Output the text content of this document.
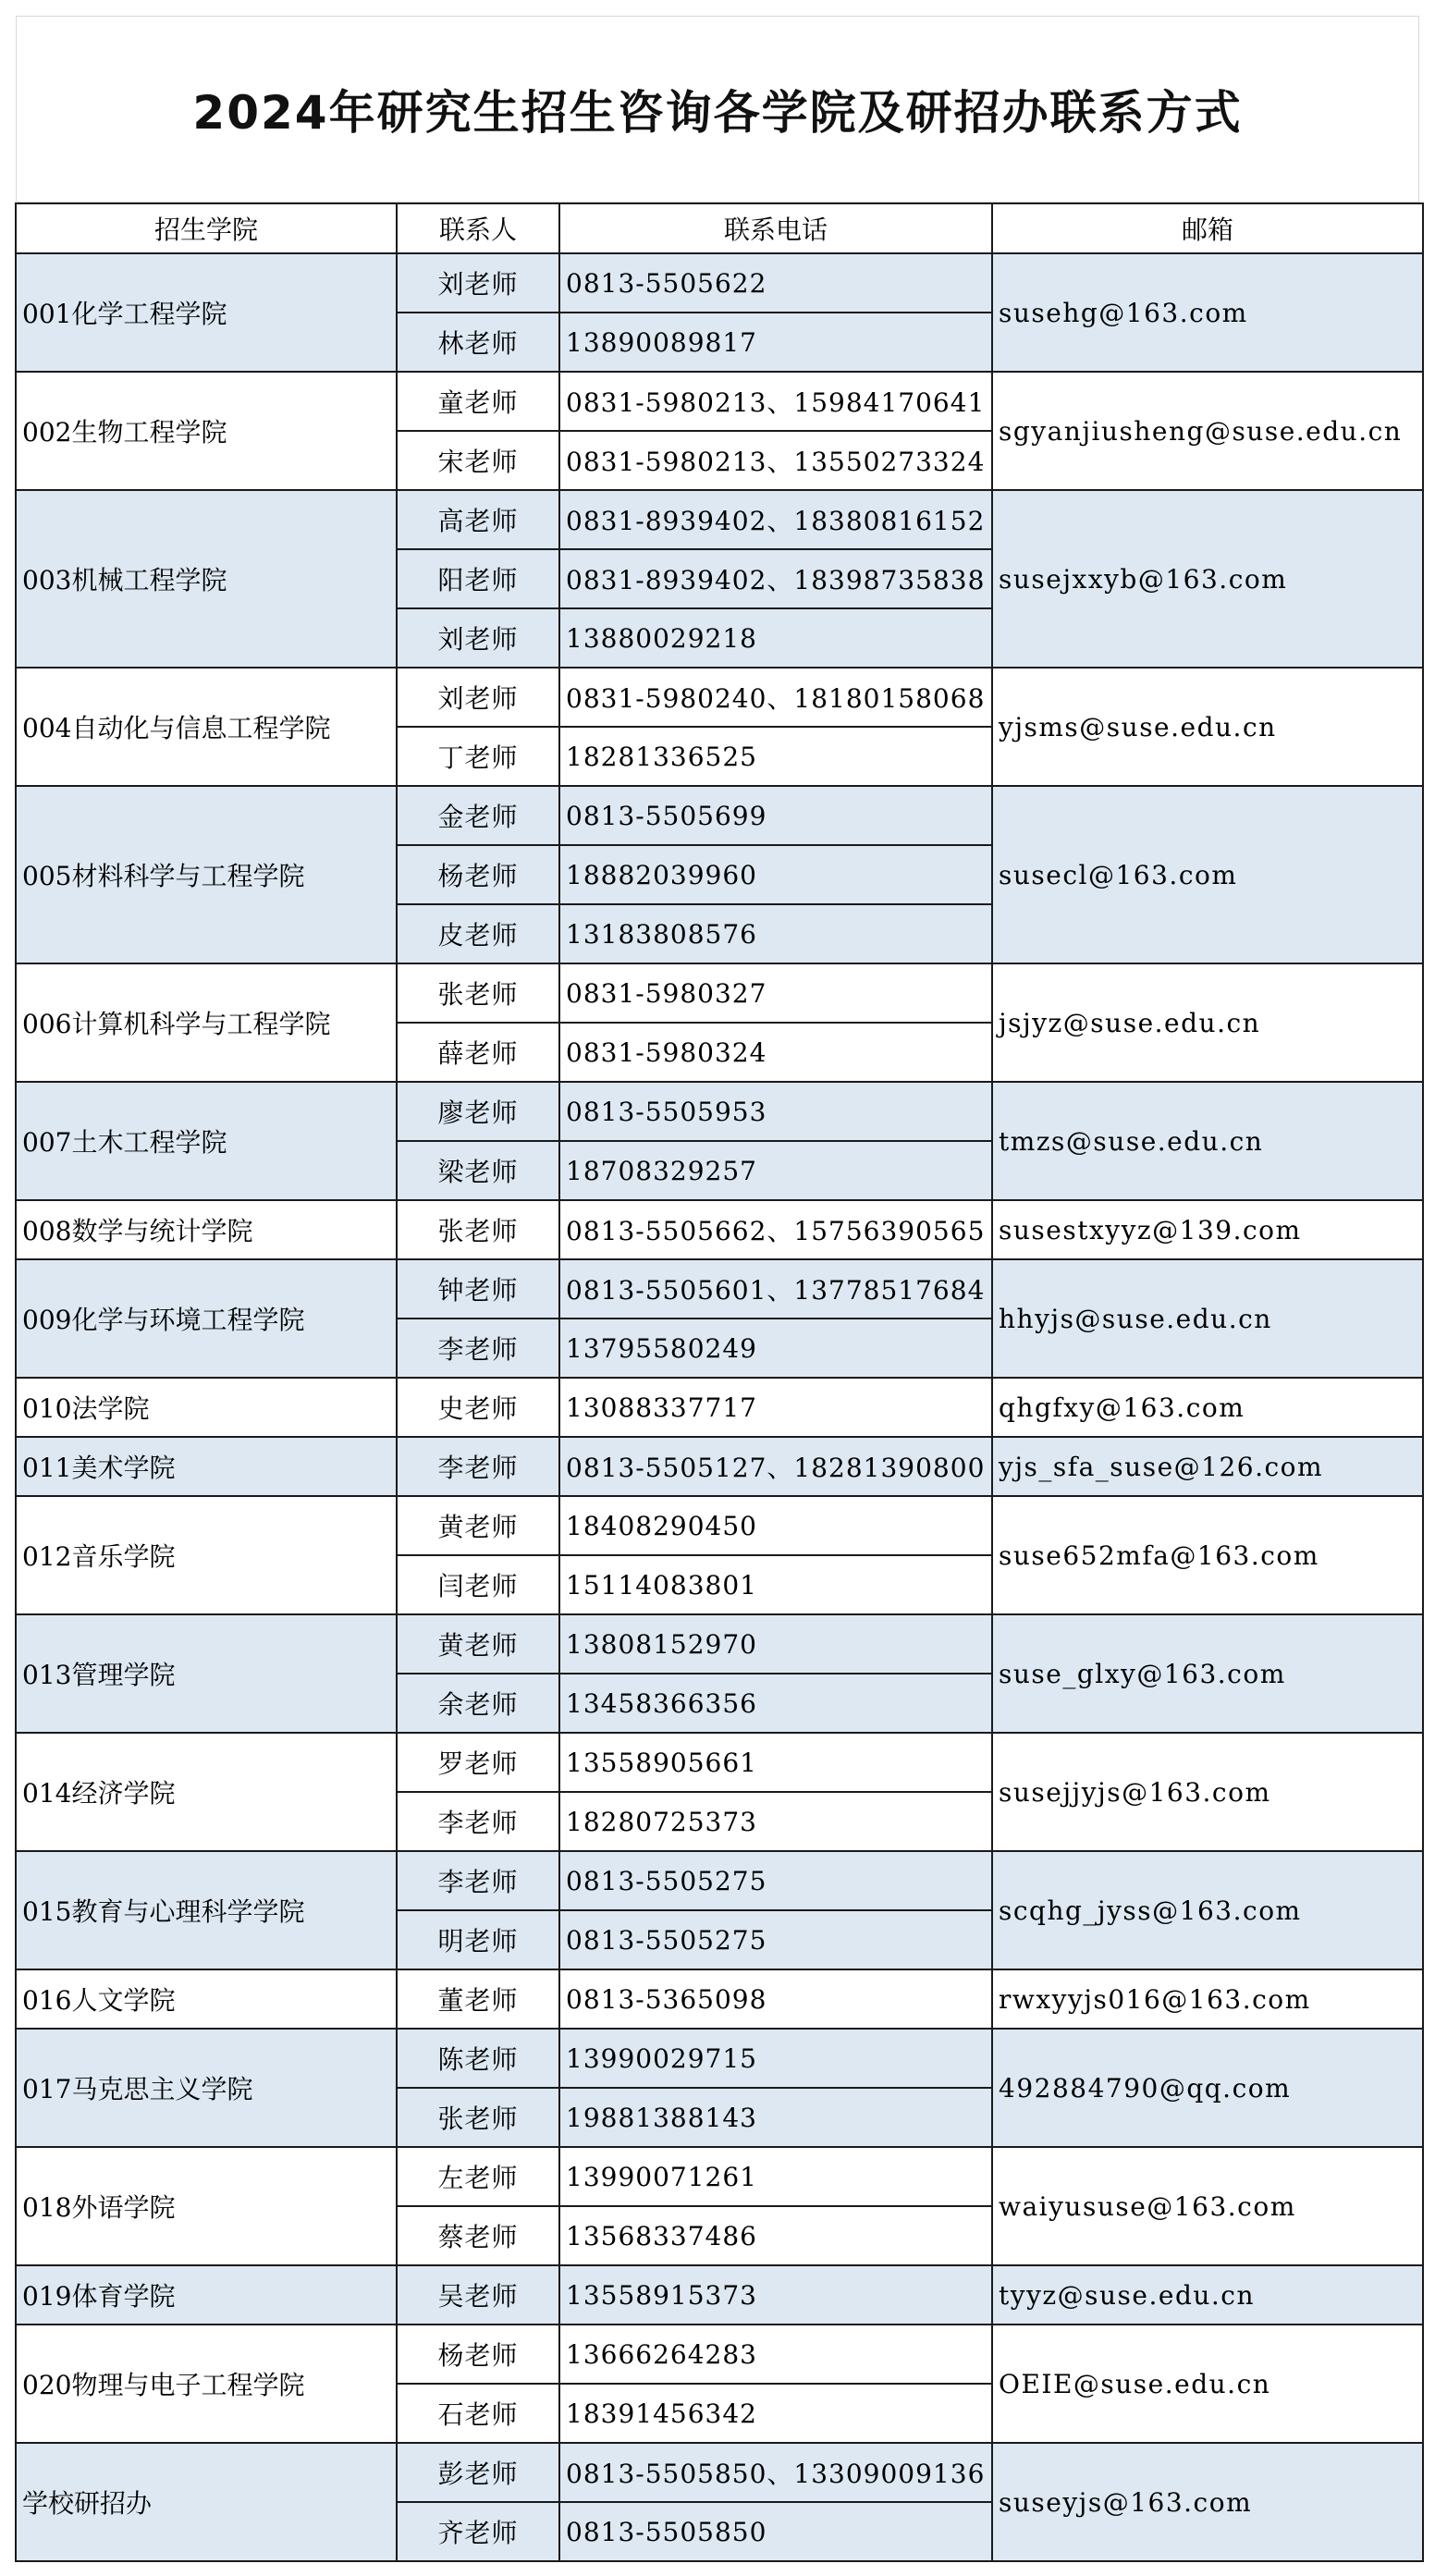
2024年研究生招生咨询各学院及研招办联系方式
招生学院	联系人	联系电话	邮箱
001化学工程学院	刘老师	0813-5505622	susehg@163.com
	林老师	13890089817	
002生物工程学院	童老师	0831-5980213、15984170641	sgyanjiusheng@suse.edu.cn
	宋老师	0831-5980213、13550273324	
003机械工程学院	高老师	0831-8939402、18380816152	susejxxyb@163.com
	阳老师	0831-8939402、18398735838	
	刘老师	13880029218	
004自动化与信息工程学院	刘老师	0831-5980240、18180158068	yjsms@suse.edu.cn
	丁老师	18281336525	
005材料科学与工程学院	金老师	0813-5505699	susecl@163.com
	杨老师	18882039960	
	皮老师	13183808576	
006计算机科学与工程学院	张老师	0831-5980327	jsjyz@suse.edu.cn
	薛老师	0831-5980324	
007土木工程学院	廖老师	0813-5505953	tmzs@suse.edu.cn
	梁老师	18708329257	
008数学与统计学院	张老师	0813-5505662、15756390565	susestxyyz@139.com
009化学与环境工程学院	钟老师	0813-5505601、13778517684	hhyjs@suse.edu.cn
	李老师	13795580249	
010法学院	史老师	13088337717	qhgfxy@163.com
011美术学院	李老师	0813-5505127、18281390800	yjs_sfa_suse@126.com
012音乐学院	黄老师	18408290450	suse652mfa@163.com
	闫老师	15114083801	
013管理学院	黄老师	13808152970	suse_glxy@163.com
	余老师	13458366356	
014经济学院	罗老师	13558905661	susejjyjs@163.com
	李老师	18280725373	
015教育与心理科学学院	李老师	0813-5505275	scqhg_jyss@163.com
	明老师	0813-5505275	
016人文学院	董老师	0813-5365098	rwxyyjs016@163.com
017马克思主义学院	陈老师	13990029715	492884790@qq.com
	张老师	19881388143	
018外语学院	左老师	13990071261	waiyususe@163.com
	蔡老师	13568337486	
019体育学院	吴老师	13558915373	tyyz@suse.edu.cn
020物理与电子工程学院	杨老师	13666264283	OEIE@suse.edu.cn
	石老师	18391456342	
学校研招办	彭老师	0813-5505850、13309009136	suseyjs@163.com
	齐老师	0813-5505850	
